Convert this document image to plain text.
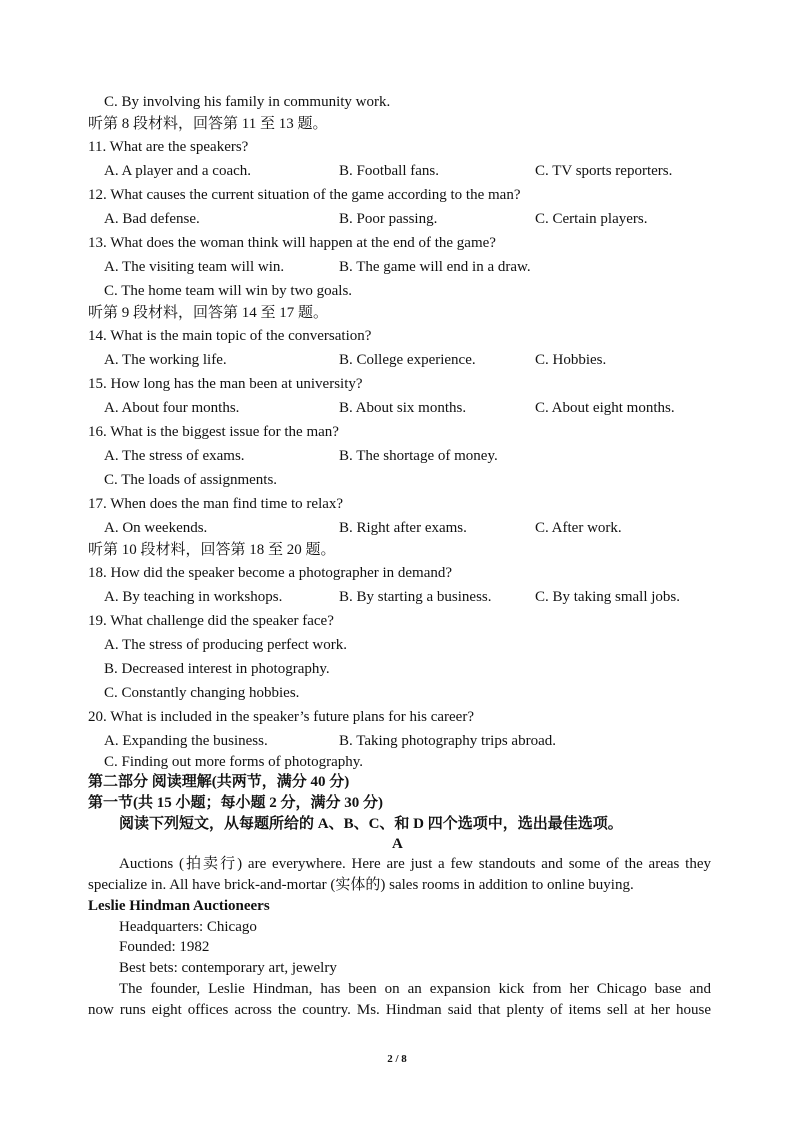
C. By involving his family in community work.
听第 8 段材料，回答第 11 至 13 题。
11. What are the speakers?
A. A player and a coach.	B. Football fans.	C. TV sports reporters.
12. What causes the current situation of the game according to the man?
A. Bad defense.	B. Poor passing.	C. Certain players.
13. What does the woman think will happen at the end of the game?
A. The visiting team will win.	B. The game will end in a draw.
C. The home team will win by two goals.
听第 9 段材料，回答第 14 至 17 题。
14. What is the main topic of the conversation?
A. The working life.	B. College experience.	C. Hobbies.
15. How long has the man been at university?
A. About four months.	B. About six months.	C. About eight months.
16. What is the biggest issue for the man?
A. The stress of exams.	B. The shortage of money.
C. The loads of assignments.
17. When does the man find time to relax?
A. On weekends.	B. Right after exams.	C. After work.
听第 10 段材料，回答第 18 至 20 题。
18. How did the speaker become a photographer in demand?
A. By teaching in workshops.	B. By starting a business.	C. By taking small jobs.
19. What challenge did the speaker face?
A. The stress of producing perfect work.
B. Decreased interest in photography.
C. Constantly changing hobbies.
20. What is included in the speaker’s future plans for his career?
A. Expanding the business.	B. Taking photography trips abroad.
C. Finding out more forms of photography.
第二部分 阅读理解(共两节，满分 40 分)
第一节(共 15 小题；每小题 2 分，满分 30 分)
阅读下列短文，从每题所给的 A、B、C、和 D 四个选项中，选出最佳选项。
A
Auctions (拍卖行) are everywhere. Here are just a few standouts and some of the areas they
specialize in. All have brick-and-mortar (实体的) sales rooms in addition to online buying.
Leslie Hindman Auctioneers
Headquarters: Chicago
Founded: 1982
Best bets: contemporary art, jewelry
The founder, Leslie Hindman, has been on an expansion kick from her Chicago base and
now runs eight offices across the country. Ms. Hindman said that plenty of items sell at her house
2 / 8
